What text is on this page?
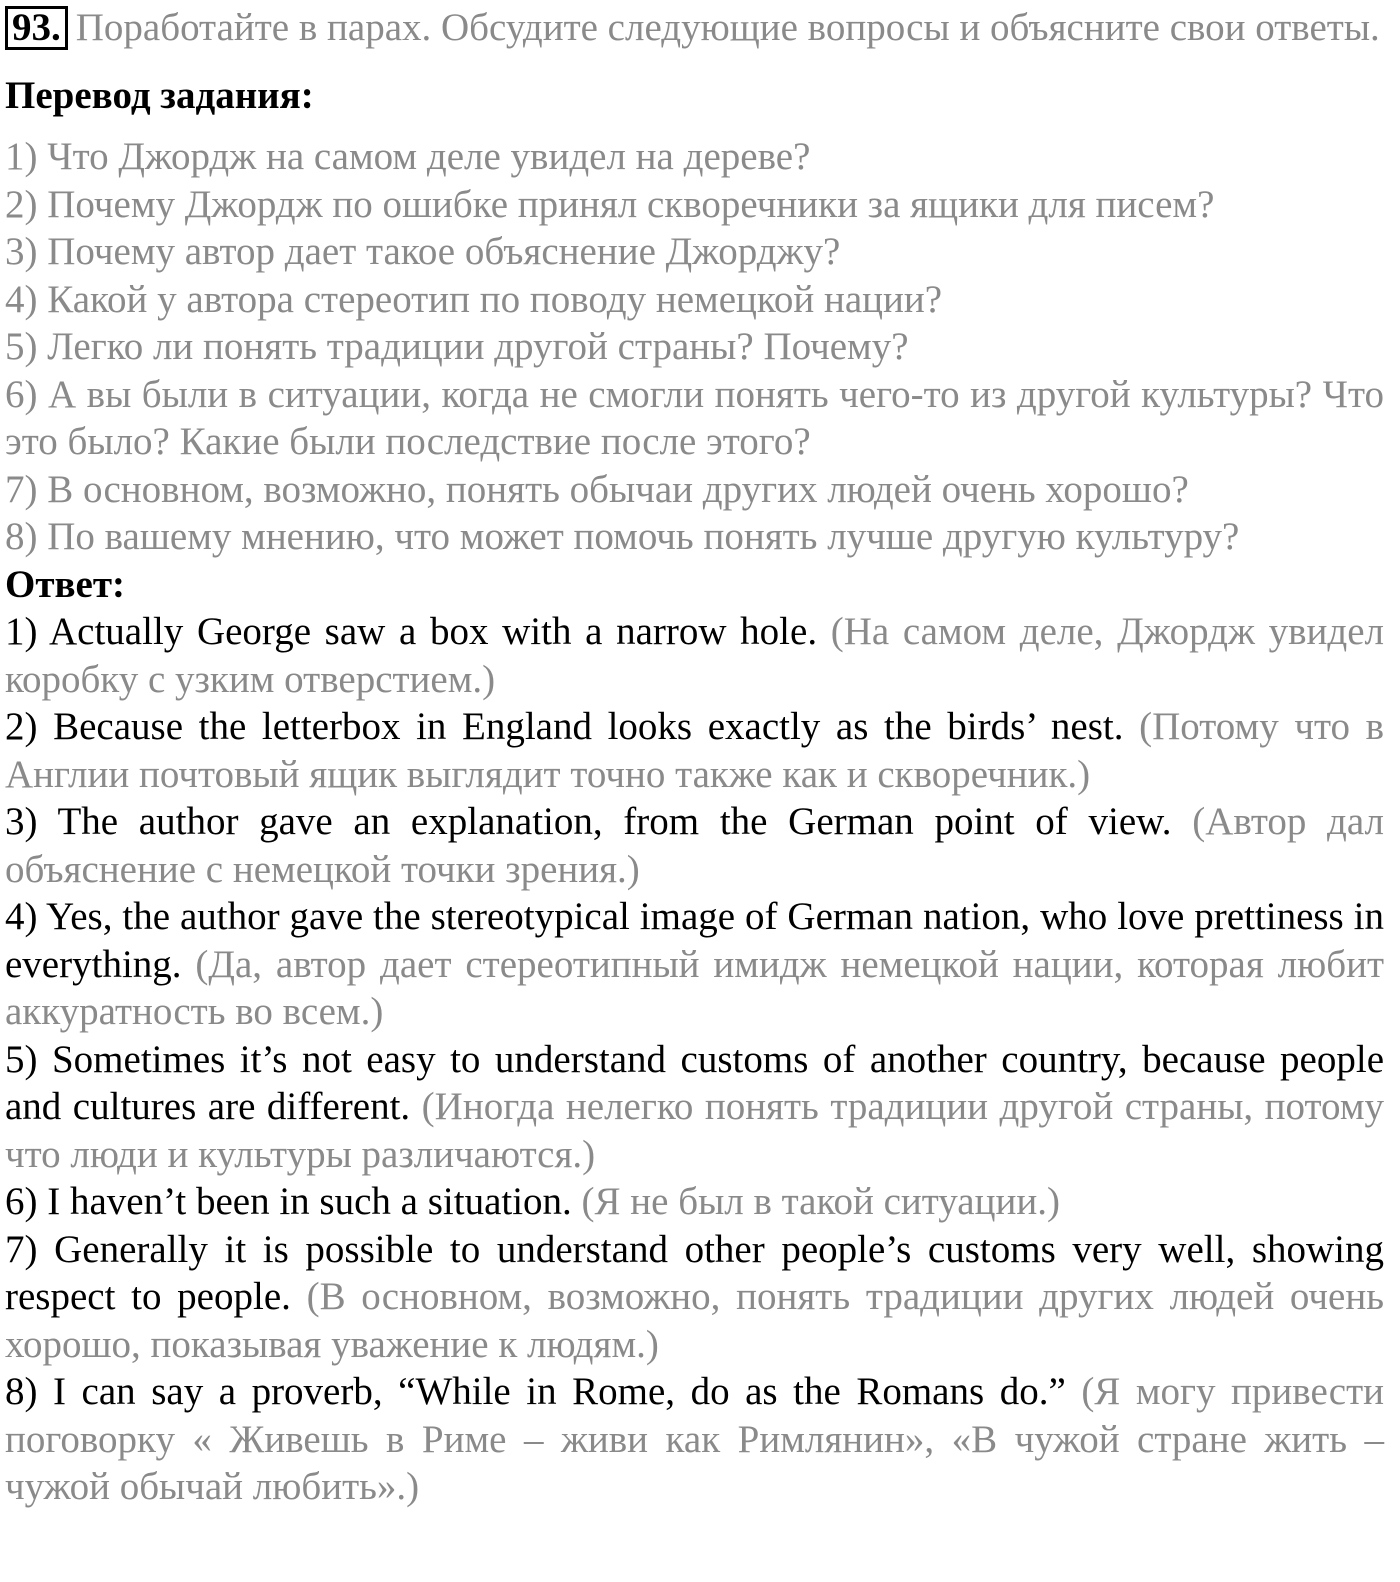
93. Поработайте в парах. Обсудите следующие вопросы и объясните свои ответы.

Перевод задания:

1) Что Джордж на самом деле увидел на дереве?

2) Почему Джордж по ошибке принял скворечники за ящики для писем?

3) Почему автор дает такое объяснение Джорджу?

4) Какой у автора стереотип по поводу немецкой нации?

5) Легко ли понять традиции другой страны? Почему?

6) А вы были в ситуации, когда не смогли понять чего-то из другой культуры? Что это было? Какие были последствие после этого?

7) В основном, возможно, понять обычаи других людей очень хорошо?

8) По вашему мнению, что может помочь понять лучше другую культуру?

Ответ:

1) Actually George saw a box with a narrow hole. (На самом деле, Джордж увидел коробку с узким отверстием.)

2) Because the letterbox in England looks exactly as the birds’ nest. (Потому что в Англии почтовый ящик выглядит точно также как и скворечник.)

3) The author gave an explanation, from the German point of view. (Автор дал объяснение с немецкой точки зрения.)

4) Yes, the author gave the stereotypical image of German nation, who love prettiness in everything. (Да, автор дает стереотипный имидж немецкой нации, которая любит аккуратность во всем.)

5) Sometimes it’s not easy to understand customs of another country, because people and cultures are different. (Иногда нелегко понять традиции другой страны, потому что люди и культуры различаются.)

6) I haven’t been in such a situation. (Я не был в такой ситуации.)

7) Generally it is possible to understand other people’s customs very well, showing respect to people. (В основном, возможно, понять традиции других людей очень хорошо, показывая уважение к людям.)

8) I can say a proverb, “While in Rome, do as the Romans do.” (Я могу привести поговорку « Живешь в Риме – живи как Римлянин», «В чужой стране жить – чужой обычай любить».)
